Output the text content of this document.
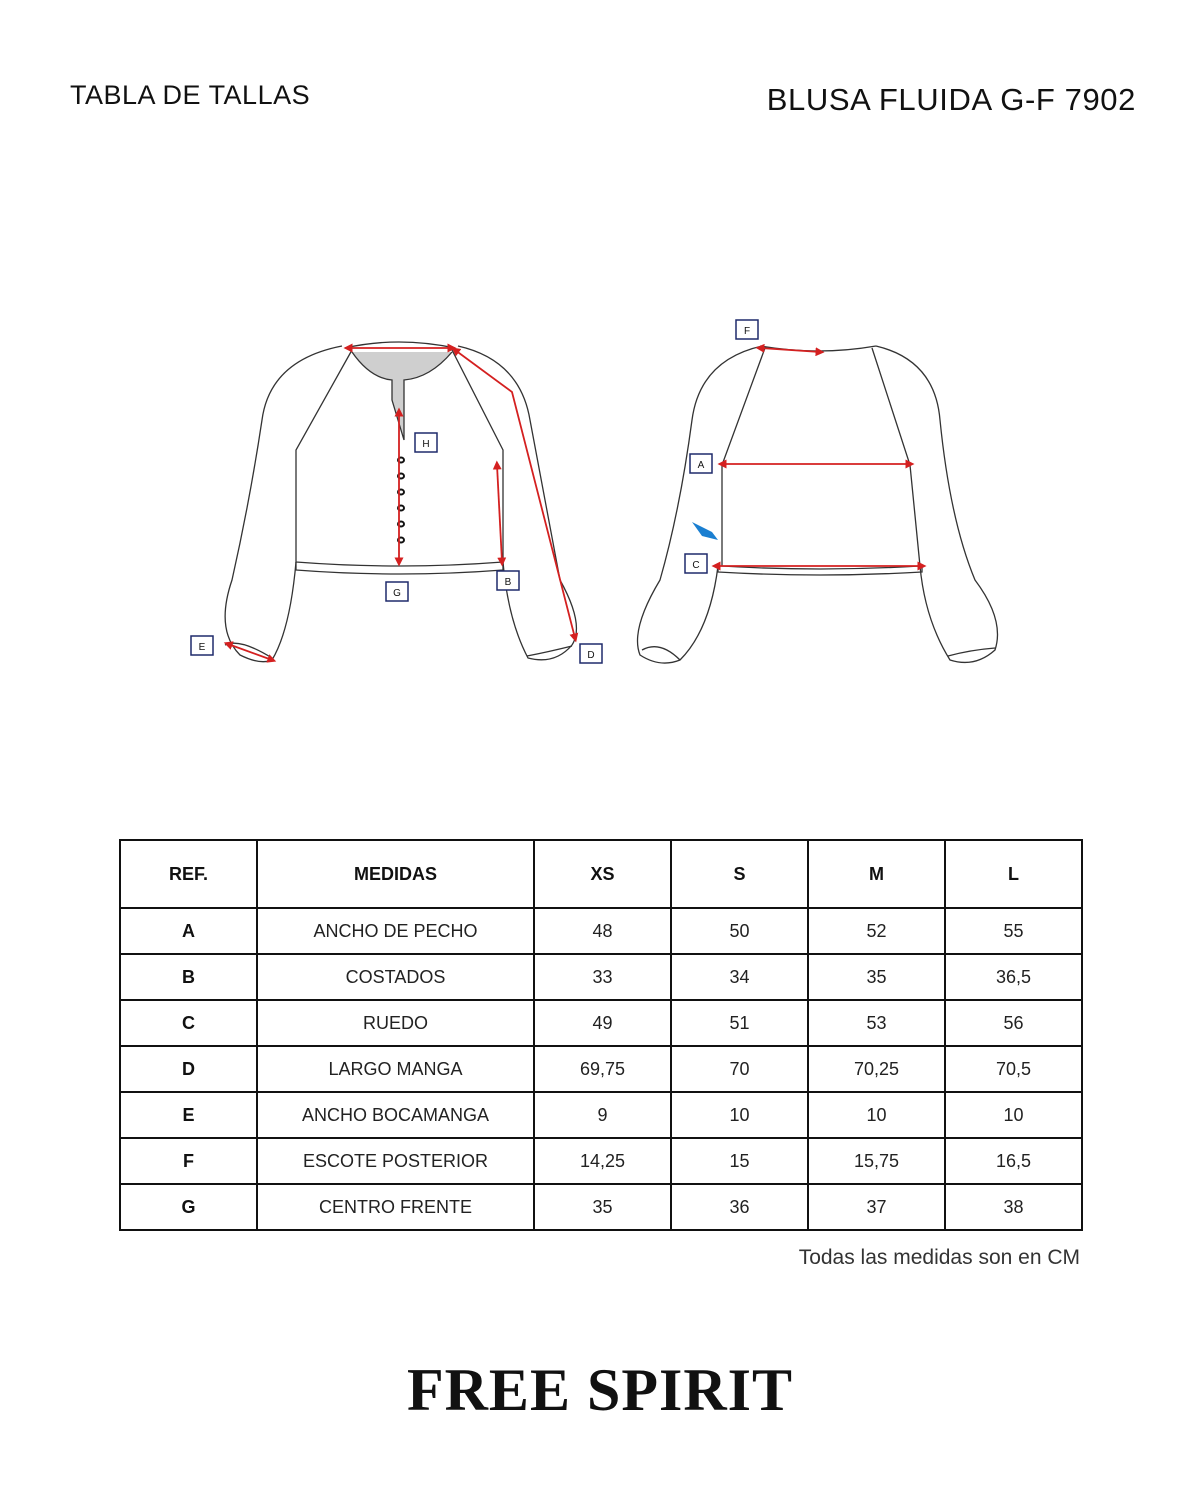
TABLA DE TALLAS	BLUSA FLUIDA G-F 7902
H
G
B
E
D
F
A
C
REF.	MEDIDAS	XS	S	M	L
A	ANCHO DE PECHO	48	50	52	55
B	COSTADOS	33	34	35	36,5
C	RUEDO	49	51	53	56
D	LARGO MANGA	69,75	70	70,25	70,5
E	ANCHO BOCAMANGA	9	10	10	10
F	ESCOTE POSTERIOR	14,25	15	15,75	16,5
G	CENTRO FRENTE	35	36	37	38
Todas las medidas son en CM
FREE SPIRIT
